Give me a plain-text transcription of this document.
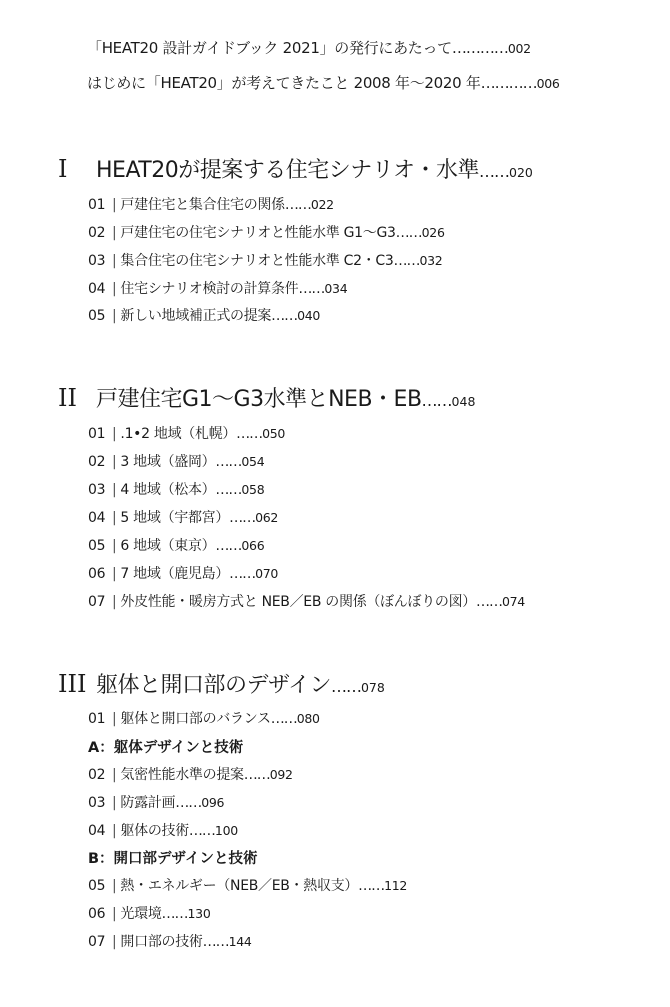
「HEAT20 設計ガイドブック 2021」の発行にあたって…………002
はじめに「HEAT20」が考えてきたこと 2008 年〜2020 年…………006
I	HEAT20が提案する住宅シナリオ・水準 …… 020
01 | 戸建住宅と集合住宅の関係……022
02 | 戸建住宅の住宅シナリオと性能水準 G1〜G3……026
03 | 集合住宅の住宅シナリオと性能水準 C2・C3……032
04 | 住宅シナリオ検討の計算条件……034
05 | 新しい地域補正式の提案……040
II 戸建住宅G1〜G3水準とNEB・EB …… 048
01 | .1•2 地域（札幌）……050
02 | 3 地域（盛岡）……054
03 | 4 地域（松本）……058
04 | 5 地域（宇都宮）……062
05 | 6 地域（東京）……066
06 | 7 地域（鹿児島）……070
07 | 外皮性能・暖房方式と NEB／EB の関係（ぼんぼりの図）……074
III 躯体と開口部のデザイン …… 078
01 | 躯体と開口部のバランス……080
A：躯体デザインと技術
02 | 気密性能水準の提案……092
03 | 防露計画……096
04 | 躯体の技術……100
B：開口部デザインと技術
05 | 熱・エネルギー（NEB／EB・熱収支）……112
06 | 光環境……130
07 | 開口部の技術……144
